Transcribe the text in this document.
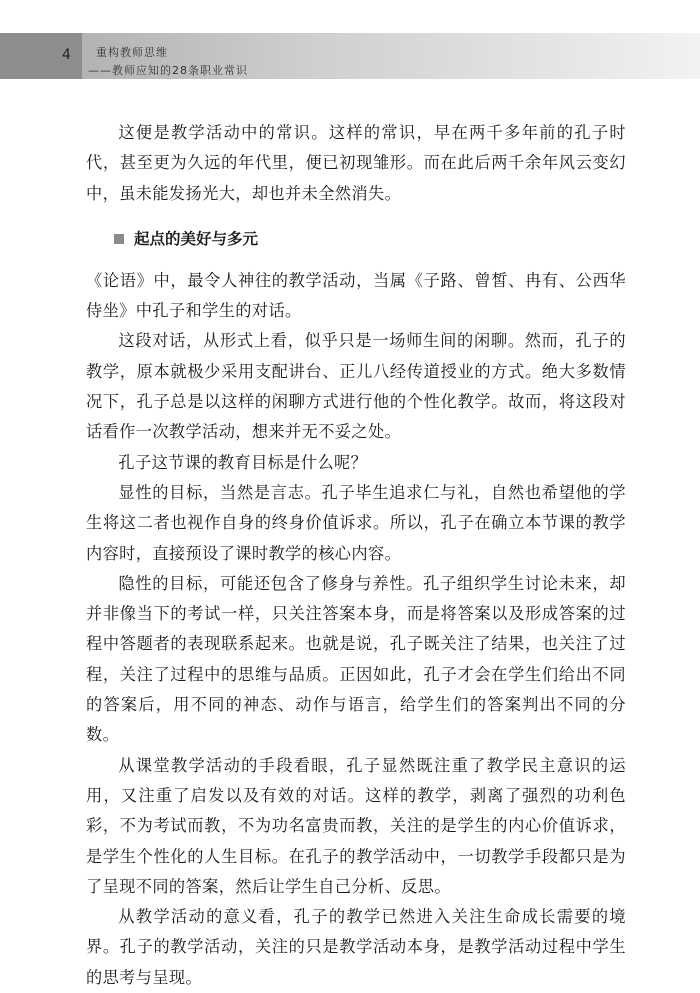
4 重构教师思维
——教师应知的28条职业常识

这便是教学活动中的常识。这样的常识，早在两千多年前的孔子时代，甚至更为久远的年代里，便已初现雏形。而在此后两千余年风云变幻中，虽未能发扬光大，却也并未全然消失。

起点的美好与多元

《论语》中，最令人神往的教学活动，当属《子路、曾皙、冉有、公西华侍坐》中孔子和学生的对话。

这段对话，从形式上看，似乎只是一场师生间的闲聊。然而，孔子的教学，原本就极少采用支配讲台、正儿八经传道授业的方式。绝大多数情况下，孔子总是以这样的闲聊方式进行他的个性化教学。故而，将这段对话看作一次教学活动，想来并无不妥之处。

孔子这节课的教育目标是什么呢？

显性的目标，当然是言志。孔子毕生追求仁与礼，自然也希望他的学生将这二者也视作自身的终身价值诉求。所以，孔子在确立本节课的教学内容时，直接预设了课时教学的核心内容。

隐性的目标，可能还包含了修身与养性。孔子组织学生讨论未来，却并非像当下的考试一样，只关注答案本身，而是将答案以及形成答案的过程中答题者的表现联系起来。也就是说，孔子既关注了结果，也关注了过程，关注了过程中的思维与品质。正因如此，孔子才会在学生们给出不同的答案后，用不同的神态、动作与语言，给学生们的答案判出不同的分数。

从课堂教学活动的手段看眼，孔子显然既注重了教学民主意识的运用，又注重了启发以及有效的对话。这样的教学，剥离了强烈的功利色彩，不为考试而教，不为功名富贵而教，关注的是学生的内心价值诉求，是学生个性化的人生目标。在孔子的教学活动中，一切教学手段都只是为了呈现不同的答案，然后让学生自己分析、反思。

从教学活动的意义看，孔子的教学已然进入关注生命成长需要的境界。孔子的教学活动，关注的只是教学活动本身，是教学活动过程中学生的思考与呈现。
